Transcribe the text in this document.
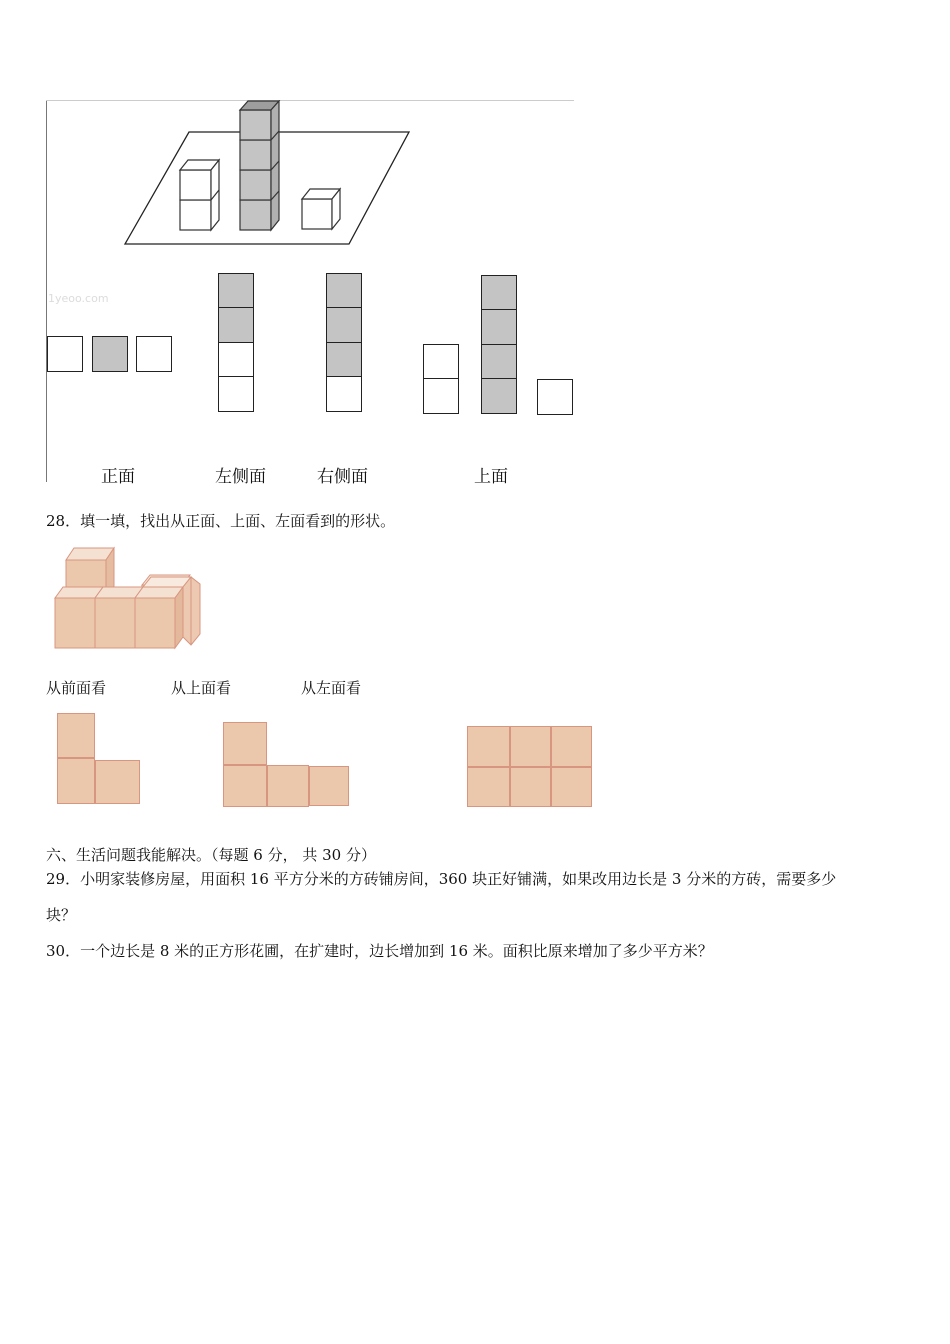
1yeoo.com
正面	左侧面	右侧面	上面
28．填一填，找出从正面、上面、左面看到的形状。
从前面看	从上面看	从左面看
六、生活问题我能解决。（每题 6 分， 共 30 分）
29．小明家装修房屋，用面积 16 平方分米的方砖铺房间，360 块正好铺满，如果改用边长是 3 分米的方砖，需要多少
块？
30．一个边长是 8 米的正方形花圃，在扩建时，边长增加到 16 米。面积比原来增加了多少平方米？
